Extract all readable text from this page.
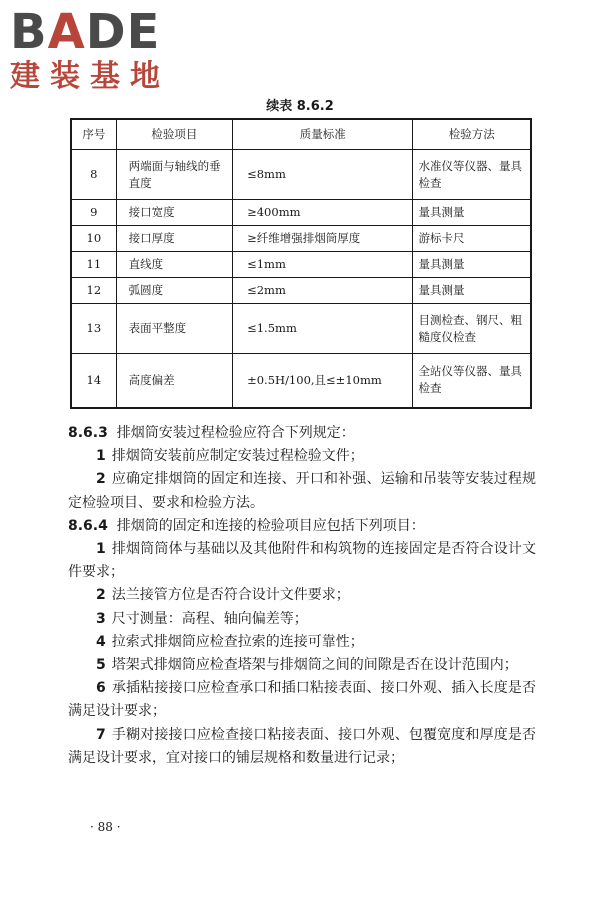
BADE
建装基地
续表 8.6.2
序号	检验项目	质量标准	检验方法
8	两端面与轴线的垂直度	≤8mm	水准仪等仪器、量具检查
9	接口宽度	≥400mm	量具测量
10	接口厚度	≥纤维增强排烟筒厚度	游标卡尺
11	直线度	≤1mm	量具测量
12	弧圆度	≤2mm	量具测量
13	表面平整度	≤1.5mm	目测检查、钢尺、粗糙度仪检查
14	高度偏差	±0.5H/100,且≤±10mm	全站仪等仪器、量具检查

8.6.3 排烟筒安装过程检验应符合下列规定：

1 排烟筒安装前应制定安装过程检验文件；

2 应确定排烟筒的固定和连接、开口和补强、运输和吊装等安装过程规定检验项目、要求和检验方法。

8.6.4 排烟筒的固定和连接的检验项目应包括下列项目：

1 排烟筒筒体与基础以及其他附件和构筑物的连接固定是否符合设计文件要求；

2 法兰接管方位是否符合设计文件要求；

3 尺寸测量：高程、轴向偏差等；

4 拉索式排烟筒应检查拉索的连接可靠性；

5 塔架式排烟筒应检查塔架与排烟筒之间的间隙是否在设计范围内；

6 承插粘接接口应检查承口和插口粘接表面、接口外观、插入长度是否满足设计要求；

7 手糊对接接口应检查接口粘接表面、接口外观、包覆宽度和厚度是否满足设计要求，宜对接口的铺层规格和数量进行记录；

· 88 ·
